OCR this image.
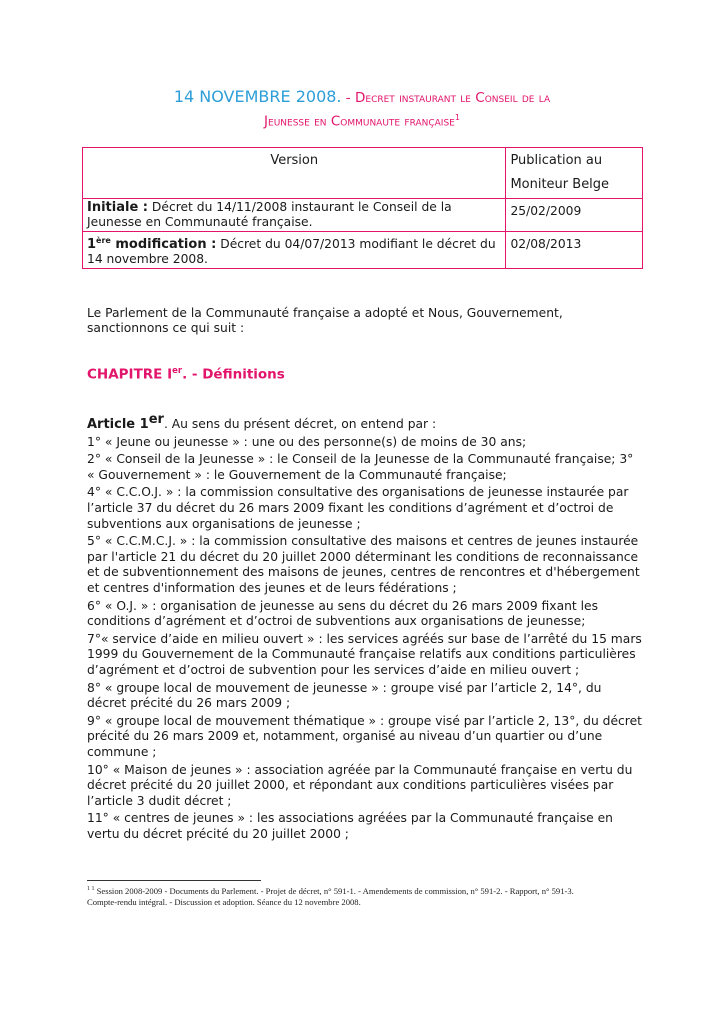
14 NOVEMBRE 2008. - Decret instaurant le Conseil de la
Jeunesse en Communaute française$^1$
Version	Publication au Moniteur Belge
Initiale : Décret du 14/11/2008 instaurant le Conseil de la Jeunesse en Communauté française.	25/02/2009
1ère modification : Décret du 04/07/2013 modifiant le décret du 14 novembre 2008.	02/08/2013
Le Parlement de la Communauté française a adopté et Nous, Gouvernement, sanctionnons ce qui suit :
CHAPITRE Ier. - Définitions

Article 1er. Au sens du présent décret, on entend par :

1° « Jeune ou jeunesse » : une ou des personne(s) de moins de 30 ans;

2° « Conseil de la Jeunesse » : le Conseil de la Jeunesse de la Communauté française; 3° « Gouvernement » : le Gouvernement de la Communauté française;

4° « C.C.O.J. » : la commission consultative des organisations de jeunesse instaurée par l’article 37 du décret du 26 mars 2009 fixant les conditions d’agrément et d’octroi de subventions aux organisations de jeunesse ;

5° « C.C.M.C.J. » : la commission consultative des maisons et centres de jeunes instaurée par l'article 21 du décret du 20 juillet 2000 déterminant les conditions de reconnaissance et de subventionnement des maisons de jeunes, centres de rencontres et d'hébergement et centres d'information des jeunes et de leurs fédérations ;

6° « O.J. » : organisation de jeunesse au sens du décret du 26 mars 2009 fixant les conditions d’agrément et d’octroi de subventions aux organisations de jeunesse;

7°« service d’aide en milieu ouvert » : les services agréés sur base de l’arrêté du 15 mars 1999 du Gouvernement de la Communauté française relatifs aux conditions particulières d’agrément et d’octroi de subvention pour les services d’aide en milieu ouvert ;

8° « groupe local de mouvement de jeunesse » : groupe visé par l’article 2, 14°, du décret précité du 26 mars 2009 ;

9° « groupe local de mouvement thématique » : groupe visé par l’article 2, 13°, du décret précité du 26 mars 2009 et, notamment, organisé au niveau d’un quartier ou d’une commune ;

10° « Maison de jeunes » : association agréée par la Communauté française en vertu du décret précité du 20 juillet 2000, et répondant aux conditions particulières visées par l’article 3 dudit décret ;

11° « centres de jeunes » : les associations agréées par la Communauté française en vertu du décret précité du 20 juillet 2000 ;

$^{1 1}$ Session 2008-2009 - Documents du Parlement. - Projet de décret, n° 591-1. - Amendements de commission, n° 591-2. - Rapport, n° 591-3.

Compte-rendu intégral. - Discussion et adoption. Séance du 12 novembre 2008.
